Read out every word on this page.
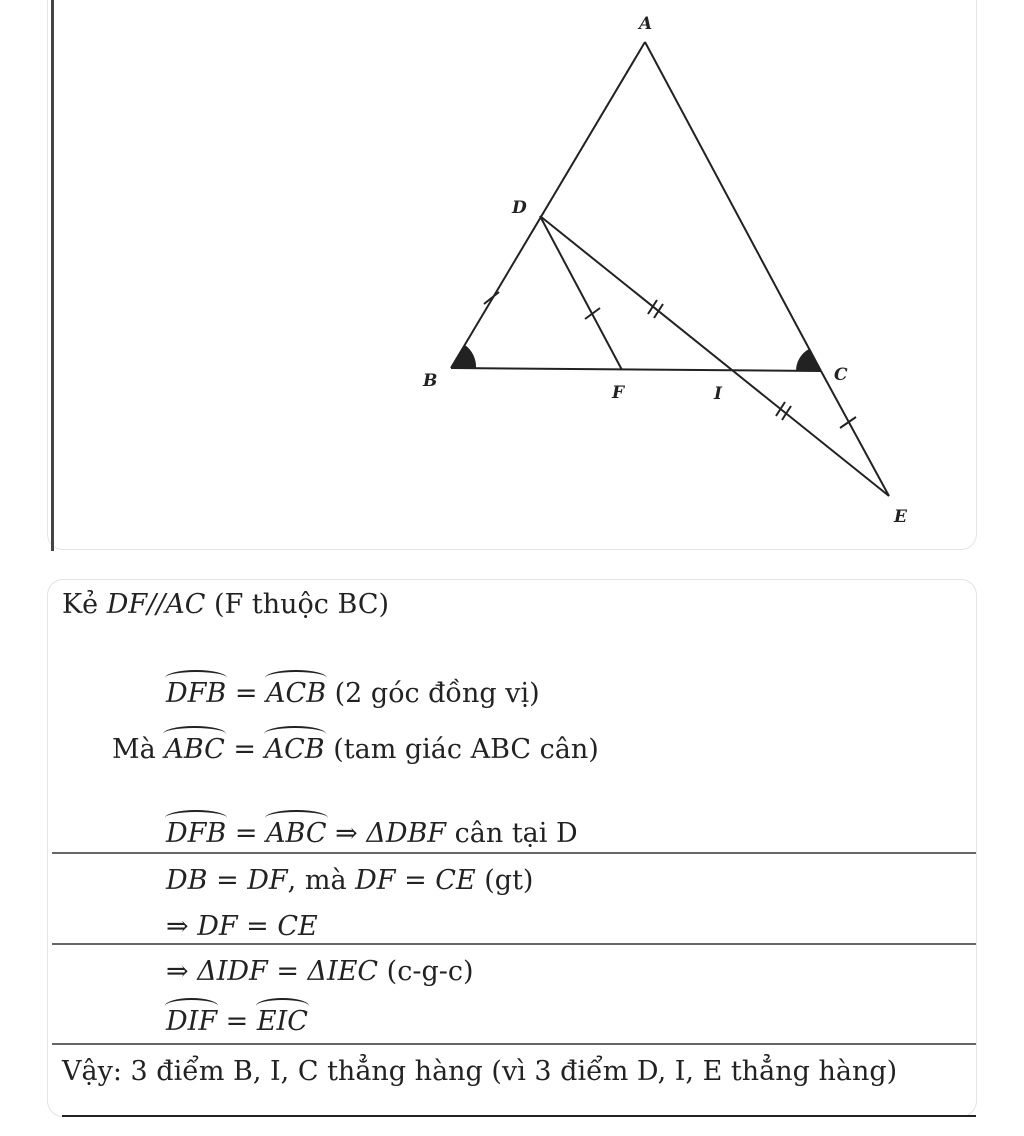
A
D
B
F	I
C
E
Kẻ DF//AC (F thuộc BC)
DFB = ACB (2 góc đồng vị)
Mà ABC = ACB (tam giác ABC cân)
DFB = ABC ⇒ ΔDBF cân tại D
DB = DF, mà DF = CE (gt)
⇒ DF = CE
⇒ ΔIDF = ΔIEC (c-g-c)
DIF = EIC
Vậy: 3 điểm B, I, C thẳng hàng (vì 3 điểm D, I, E thẳng hàng)
